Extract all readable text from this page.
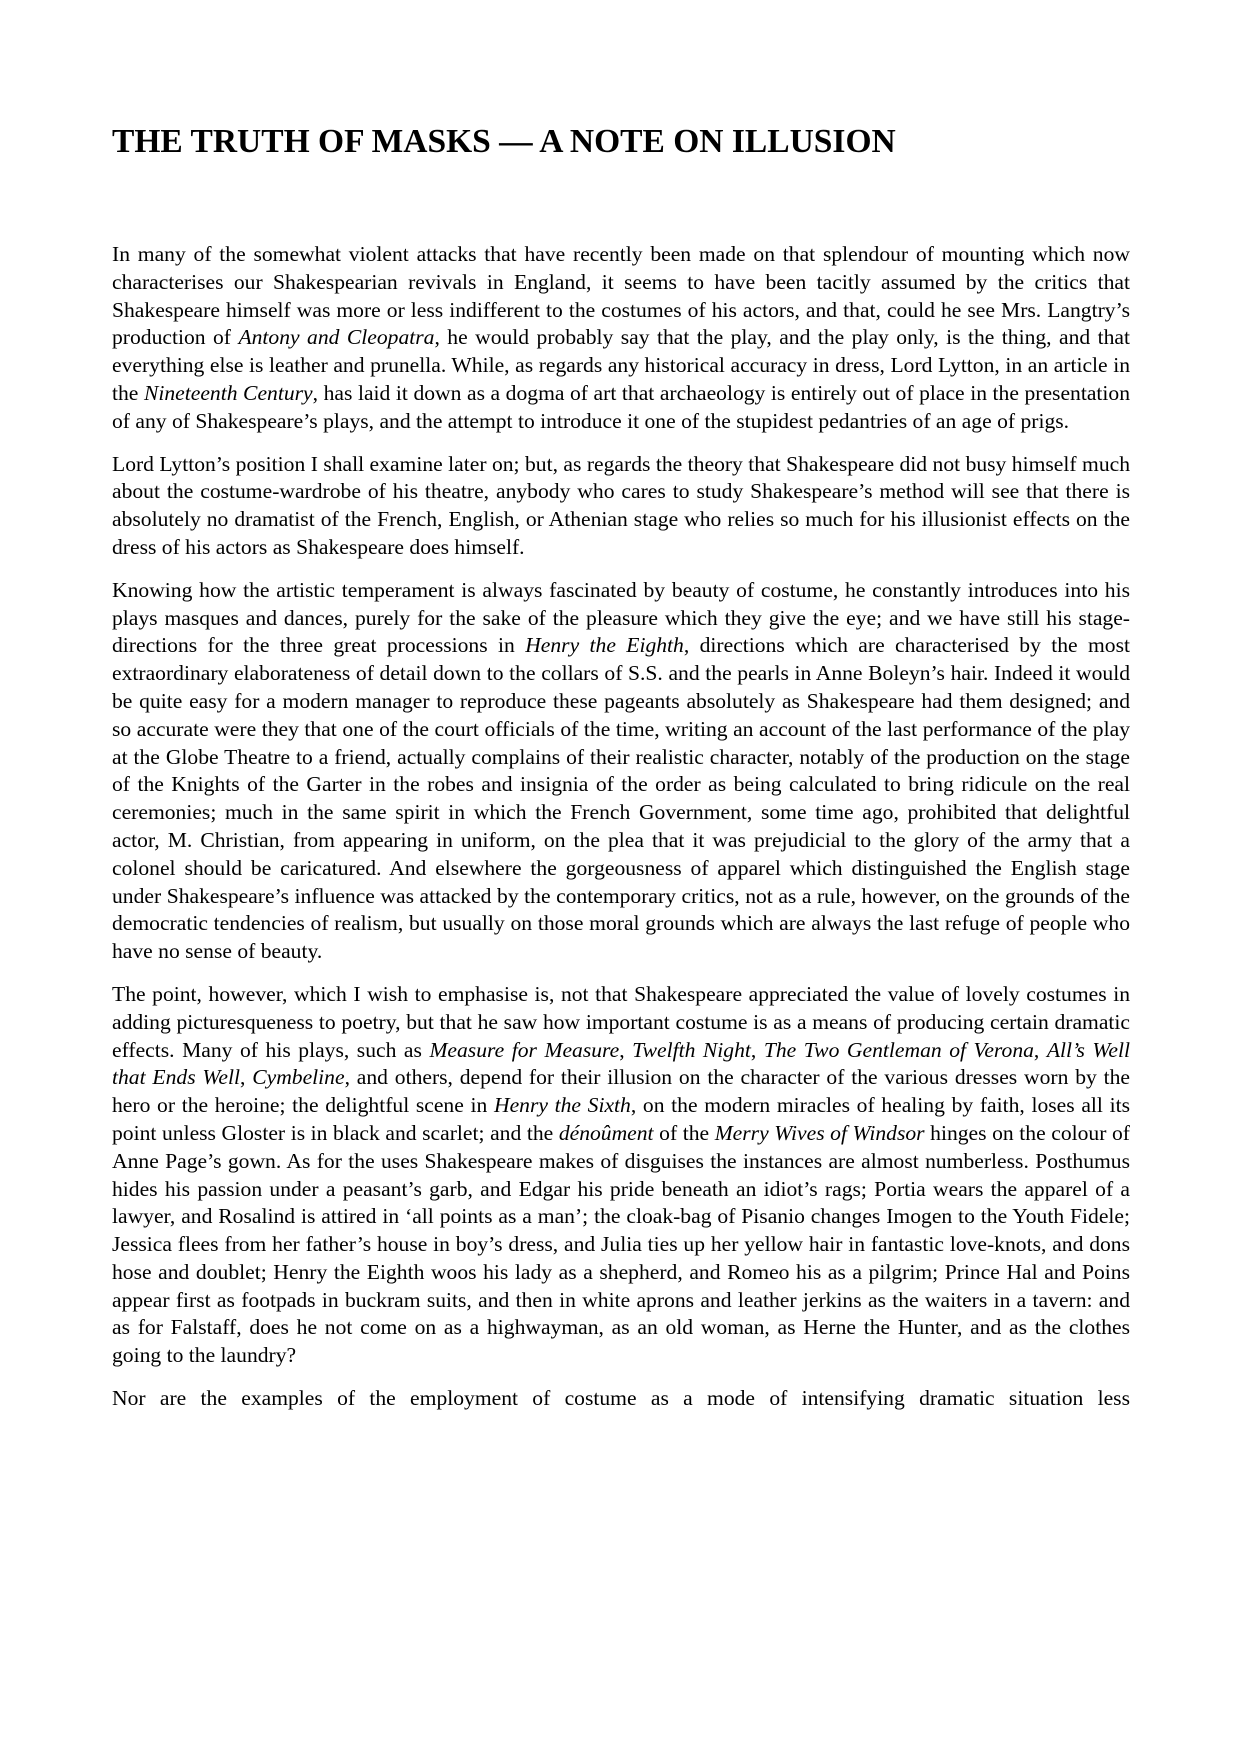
THE TRUTH OF MASKS — A NOTE ON ILLUSION

In many of the somewhat violent attacks that have recently been made on that splendour of mounting which now characterises our Shakespearian revivals in England, it seems to have been tacitly assumed by the critics that Shakespeare himself was more or less indifferent to the costumes of his actors, and that, could he see Mrs. Langtry’s production of Antony and Cleopatra, he would probably say that the play, and the play only, is the thing, and that everything else is leather and prunella. While, as regards any historical accuracy in dress, Lord Lytton, in an article in the Nineteenth Century, has laid it down as a dogma of art that archaeology is entirely out of place in the presentation of any of Shakespeare’s plays, and the attempt to introduce it one of the stupidest pedantries of an age of prigs.

Lord Lytton’s position I shall examine later on; but, as regards the theory that Shakespeare did not busy himself much about the costume-wardrobe of his theatre, anybody who cares to study Shakespeare’s method will see that there is absolutely no dramatist of the French, English, or Athenian stage who relies so much for his illusionist effects on the dress of his actors as Shakespeare does himself.

Knowing how the artistic temperament is always fascinated by beauty of costume, he constantly introduces into his plays masques and dances, purely for the sake of the pleasure which they give the eye; and we have still his stage-directions for the three great processions in Henry the Eighth, directions which are characterised by the most extraordinary elaborateness of detail down to the collars of S.S. and the pearls in Anne Boleyn’s hair. Indeed it would be quite easy for a modern manager to reproduce these pageants absolutely as Shakespeare had them designed; and so accurate were they that one of the court officials of the time, writing an account of the last performance of the play at the Globe Theatre to a friend, actually complains of their realistic character, notably of the production on the stage of the Knights of the Garter in the robes and insignia of the order as being calculated to bring ridicule on the real ceremonies; much in the same spirit in which the French Government, some time ago, prohibited that delightful actor, M. Christian, from appearing in uniform, on the plea that it was prejudicial to the glory of the army that a colonel should be caricatured. And elsewhere the gorgeousness of apparel which distinguished the English stage under Shakespeare’s influence was attacked by the contemporary critics, not as a rule, however, on the grounds of the democratic tendencies of realism, but usually on those moral grounds which are always the last refuge of people who have no sense of beauty.

The point, however, which I wish to emphasise is, not that Shakespeare appreciated the value of lovely costumes in adding picturesqueness to poetry, but that he saw how important costume is as a means of producing certain dramatic effects. Many of his plays, such as Measure for Measure, Twelfth Night, The Two Gentleman of Verona, All’s Well that Ends Well, Cymbeline, and others, depend for their illusion on the character of the various dresses worn by the hero or the heroine; the delightful scene in Henry the Sixth, on the modern miracles of healing by faith, loses all its point unless Gloster is in black and scarlet; and the dénoûment of the Merry Wives of Windsor hinges on the colour of Anne Page’s gown. As for the uses Shakespeare makes of disguises the instances are almost numberless. Posthumus hides his passion under a peasant’s garb, and Edgar his pride beneath an idiot’s rags; Portia wears the apparel of a lawyer, and Rosalind is attired in ‘all points as a man’; the cloak-bag of Pisanio changes Imogen to the Youth Fidele; Jessica flees from her father’s house in boy’s dress, and Julia ties up her yellow hair in fantastic love-knots, and dons hose and doublet; Henry the Eighth woos his lady as a shepherd, and Romeo his as a pilgrim; Prince Hal and Poins appear first as footpads in buckram suits, and then in white aprons and leather jerkins as the waiters in a tavern: and as for Falstaff, does he not come on as a highwayman, as an old woman, as Herne the Hunter, and as the clothes going to the laundry?

Nor are the examples of the employment of costume as a mode of intensifying dramatic situation less
